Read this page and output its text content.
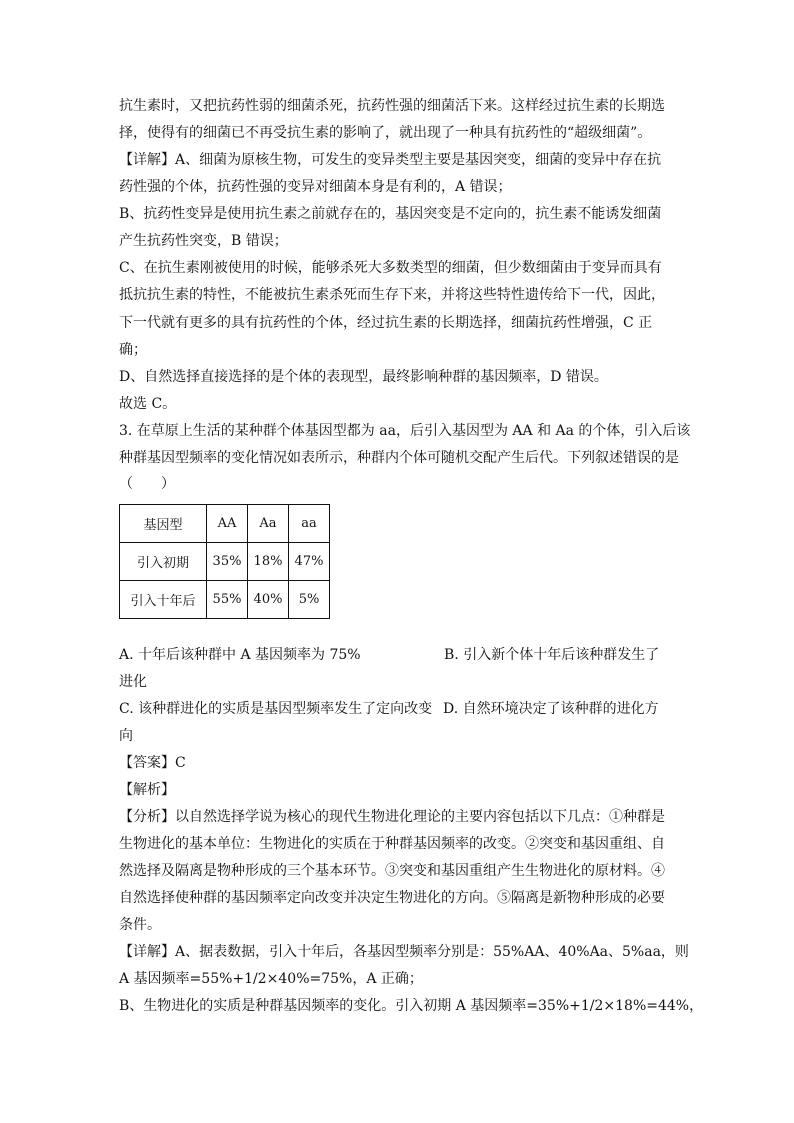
抗生素时，又把抗药性弱的细菌杀死，抗药性强的细菌活下来。这样经过抗生素的长期选
择，使得有的细菌已不再受抗生素的影响了，就出现了一种具有抗药性的“超级细菌”。
【详解】A、细菌为原核生物，可发生的变异类型主要是基因突变，细菌的变异中存在抗
药性强的个体，抗药性强的变异对细菌本身是有利的，A 错误；
B、抗药性变异是使用抗生素之前就存在的，基因突变是不定向的，抗生素不能诱发细菌
产生抗药性突变，B 错误；
C、在抗生素刚被使用的时候，能够杀死大多数类型的细菌，但少数细菌由于变异而具有
抵抗抗生素的特性，不能被抗生素杀死而生存下来，并将这些特性遗传给下一代，因此，
下一代就有更多的具有抗药性的个体，经过抗生素的长期选择，细菌抗药性增强，C 正
确；
D、自然选择直接选择的是个体的表现型，最终影响种群的基因频率，D 错误。
故选 C。
3. 在草原上生活的某种群个体基因型都为 aa，后引入基因型为 AA 和 Aa 的个体，引入后该
种群基因型频率的变化情况如表所示，种群内个体可随机交配产生后代。下列叙述错误的是
（　　）
基因型	AA	Aa	aa
引入初期	35%	18%	47%
引入十年后	55%	40%	5%
A. 十年后该种群中 A 基因频率为 75%	B. 引入新个体十年后该种群发生了
进化
C. 该种群进化的实质是基因型频率发生了定向改变 D. 自然环境决定了该种群的进化方
向
【答案】C
【解析】
【分析】以自然选择学说为核心的现代生物进化理论的主要内容包括以下几点：①种群是
生物进化的基本单位：生物进化的实质在于种群基因频率的改变。②突变和基因重组、自
然选择及隔离是物种形成的三个基本环节。③突变和基因重组产生生物进化的原材料。④
自然选择使种群的基因频率定向改变并决定生物进化的方向。⑤隔离是新物种形成的必要
条件。
【详解】A、据表数据，引入十年后，各基因型频率分别是：55%AA、40%Aa、5%aa，则
A 基因频率=55%+1/2×40%=75%，A 正确；
B、生物进化的实质是种群基因频率的变化。引入初期 A 基因频率=35%+1/2×18%=44%，
